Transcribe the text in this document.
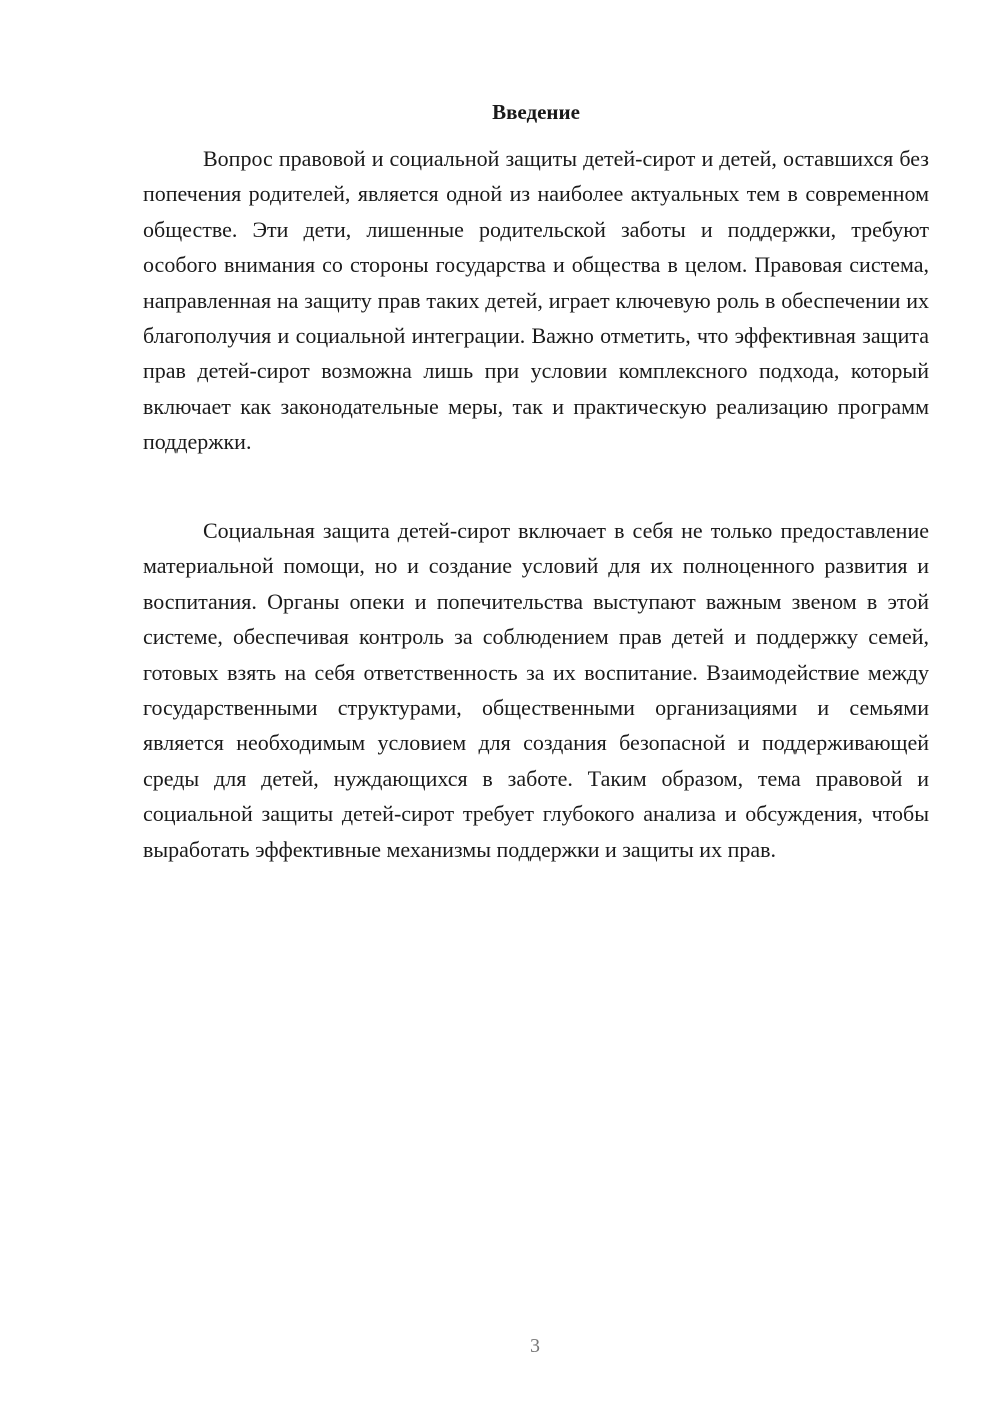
Введение

Вопрос правовой и социальной защиты детей-сирот и детей, оставшихся без попечения родителей, является одной из наиболее актуальных тем в современном обществе. Эти дети, лишенные родительской заботы и поддержки, требуют особого внимания со стороны государства и общества в целом. Правовая система, направленная на защиту прав таких детей, играет ключевую роль в обеспечении их благополучия и социальной интеграции. Важно отметить, что эффективная защита прав детей-сирот возможна лишь при условии комплексного подхода, который включает как законодательные меры, так и практическую реализацию программ поддержки.

Социальная защита детей-сирот включает в себя не только предоставление материальной помощи, но и создание условий для их полноценного развития и воспитания. Органы опеки и попечительства выступают важным звеном в этой системе, обеспечивая контроль за соблюдением прав детей и поддержку семей, готовых взять на себя ответственность за их воспитание. Взаимодействие между государственными структурами, общественными организациями и семьями является необходимым условием для создания безопасной и поддерживающей среды для детей, нуждающихся в заботе. Таким образом, тема правовой и социальной защиты детей-сирот требует глубокого анализа и обсуждения, чтобы выработать эффективные механизмы поддержки и защиты их прав.

3
